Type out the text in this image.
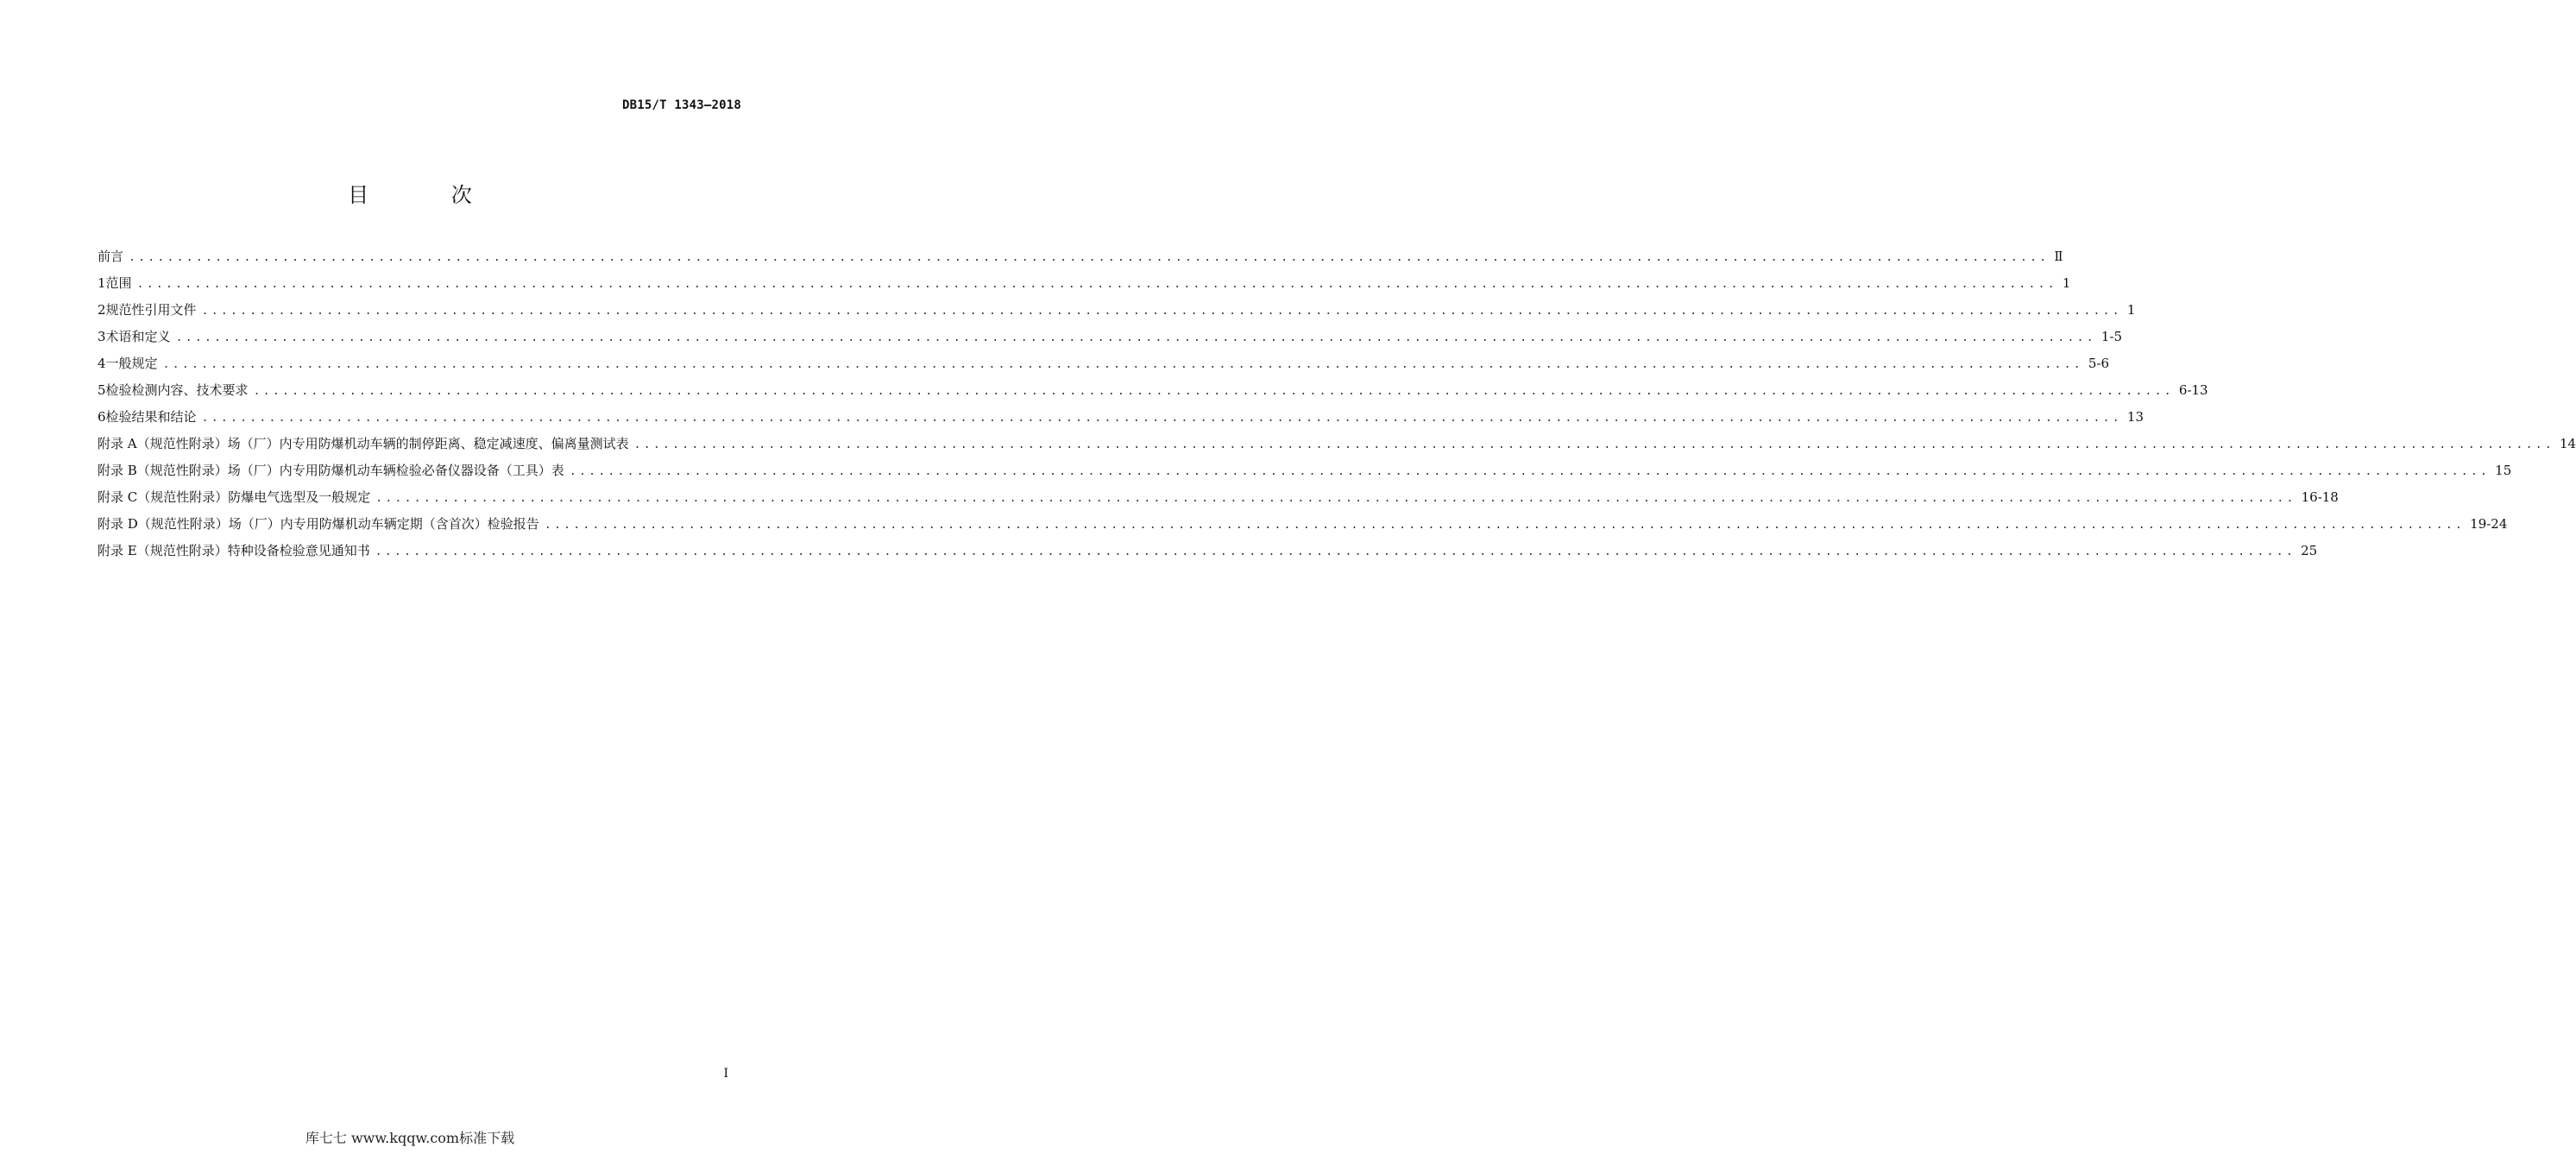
DB15/T 1343—2018
目 次
前言 ........................................................................................................................................................................................................ Ⅱ
1 范围 ........................................................................................................................................................................................................ 1
2 规范性引用文件 ........................................................................................................................................................................................................ 1
3 术语和定义 ........................................................................................................................................................................................................ 1-5
4 一般规定 ........................................................................................................................................................................................................ 5-6
5 检验检测内容、技术要求 ........................................................................................................................................................................................................ 6-13
6 检验结果和结论 ........................................................................................................................................................................................................ 13
附录 A（规范性附录） 场（厂）内专用防爆机动车辆的制停距离、稳定减速度、偏离量测试表 ........................................................................................................................................................................................................ 14
附录 B（规范性附录） 场（厂）内专用防爆机动车辆检验必备仪器设备（工具）表 ........................................................................................................................................................................................................ 15
附录 C（规范性附录） 防爆电气选型及一般规定 ........................................................................................................................................................................................................ 16-18
附录 D（规范性附录） 场（厂）内专用防爆机动车辆定期（含首次）检验报告 ........................................................................................................................................................................................................ 19-24
附录 E（规范性附录） 特种设备检验意见通知书 ........................................................................................................................................................................................................ 25
I
库七七 www.kqqw.com标准下载
